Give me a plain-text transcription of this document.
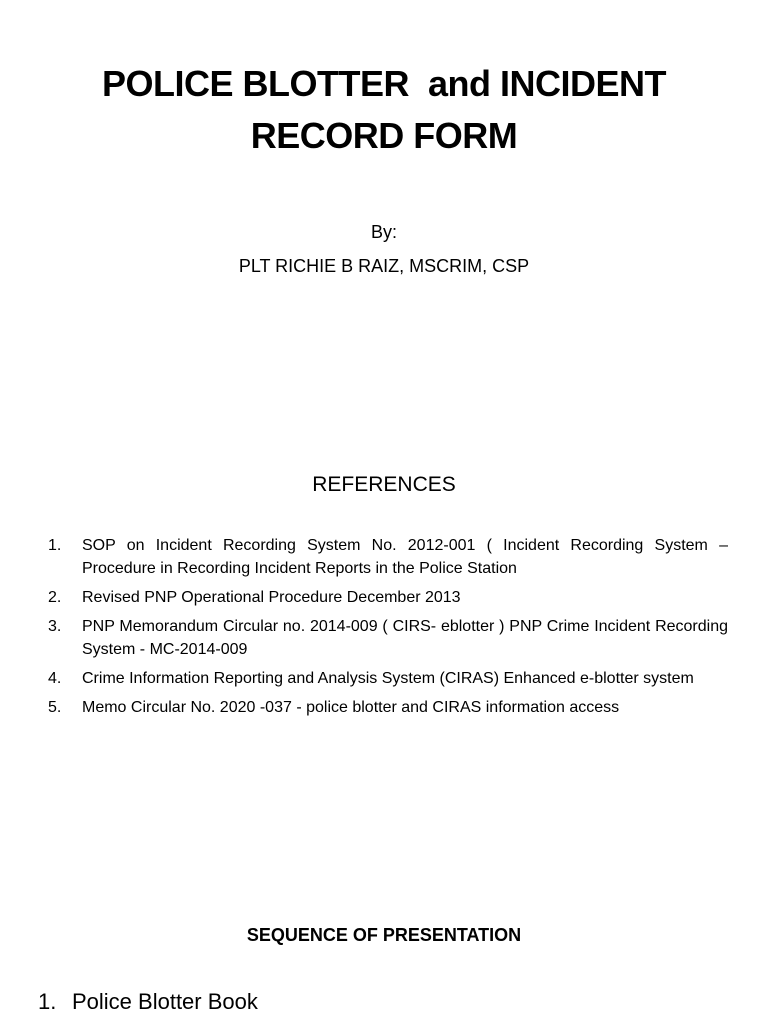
POLICE BLOTTER  and INCIDENT
RECORD FORM
By:
PLT RICHIE B RAIZ, MSCRIM, CSP
REFERENCES
1.	SOP on Incident Recording System No. 2012-001 ( Incident Recording System – Procedure in Recording Incident Reports in the Police Station
2.	Revised PNP Operational Procedure December 2013
3.	PNP Memorandum Circular no. 2014-009 ( CIRS- eblotter ) PNP Crime Incident Recording System - MC-2014-009
4.	Crime Information Reporting and Analysis System (CIRAS) Enhanced e-blotter system
5.	Memo Circular No. 2020 -037 - police blotter and CIRAS information access
SEQUENCE OF PRESENTATION
1. Police Blotter Book
